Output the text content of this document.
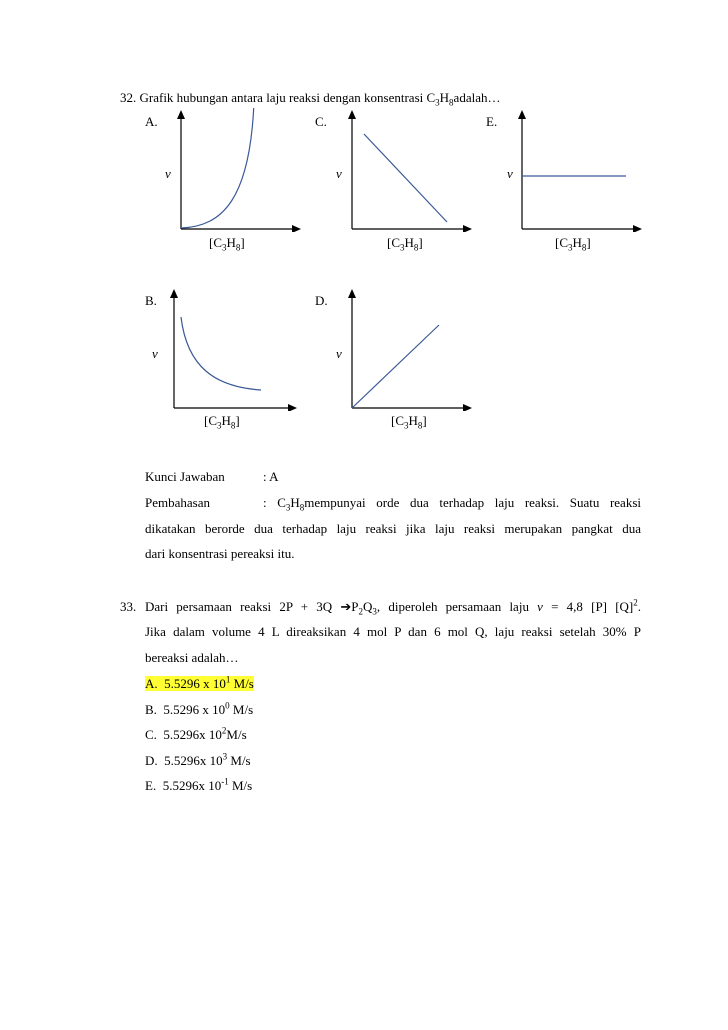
32. Grafik hubungan antara laju reaksi dengan konsentrasi $C_3H_8adalah\dots$
A.
v
$[C_3H_8]$
C.
v
$[C_3H_8]$
E.
v
$[C_3H_8]$
B.
v
$[C_3H_8]$
D.
v
$[C_3H_8]$
Kunci Jawaban	: A
Pembahasan	: $C_3H_8mempunyai$ orde dua terhadap laju reaksi. Suatu reaksi
dikatakan berorde dua terhadap laju reaksi jika laju reaksi merupakan pangkat dua
dari konsentrasi pereaksi itu.
33. Dari persamaan reaksi 2P + 3Q $➔P_2Q_3$, diperoleh persamaan laju v = 4,8 [P] $[Q]^2$.
Jika dalam volume 4 L direaksikan 4 mol P dan 6 mol Q, laju reaksi setelah 30% P
bereaksi adalah…
A. 5.5296 x $10^1$ M/s
B. 5.5296 x $10^0$ M/s
C. 5.5296x $10^2M/s$
D. 5.5296x $10^3$ M/s
E. 5.5296x $10^{-1}$ M/s
